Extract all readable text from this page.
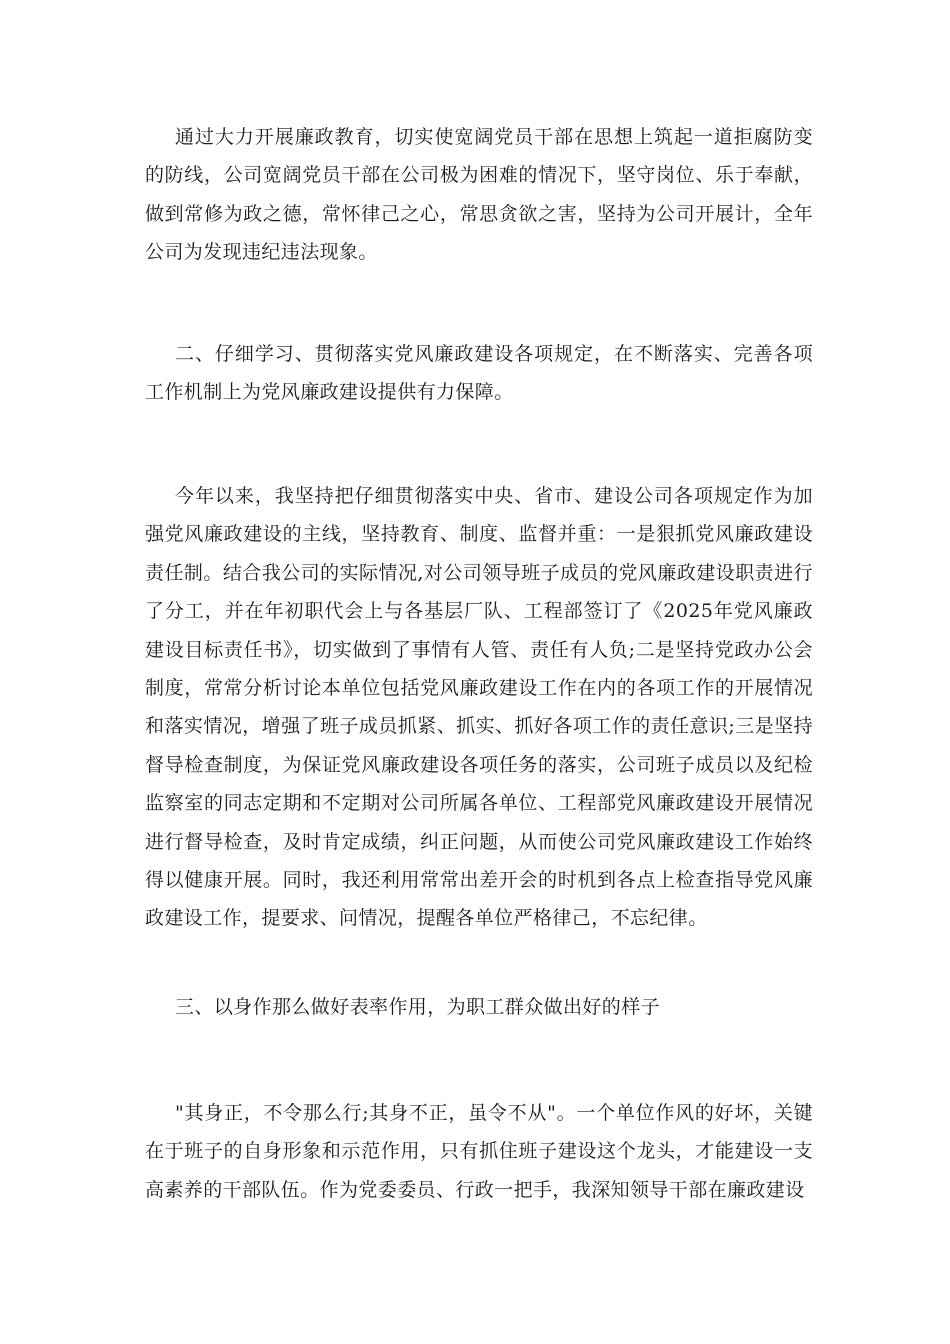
通过大力开展廉政教育，切实使宽阔党员干部在思想上筑起一道拒腐防变的防线，公司宽阔党员干部在公司极为困难的情况下，坚守岗位、乐于奉献，做到常修为政之德，常怀律己之心，常思贪欲之害，坚持为公司开展计，全年公司为发现违纪违法现象。

二、仔细学习、贯彻落实党风廉政建设各项规定，在不断落实、完善各项工作机制上为党风廉政建设提供有力保障。

今年以来，我坚持把仔细贯彻落实中央、省市、建设公司各项规定作为加强党风廉政建设的主线，坚持教育、制度、监督并重：一是狠抓党风廉政建设责任制。结合我公司的实际情况,对公司领导班子成员的党风廉政建设职责进行了分工，并在年初职代会上与各基层厂队、工程部签订了《2025年党风廉政建设目标责任书》，切实做到了事情有人管、责任有人负;二是坚持党政办公会制度，常常分析讨论本单位包括党风廉政建设工作在内的各项工作的开展情况和落实情况，增强了班子成员抓紧、抓实、抓好各项工作的责任意识;三是坚持督导检查制度，为保证党风廉政建设各项任务的落实，公司班子成员以及纪检监察室的同志定期和不定期对公司所属各单位、工程部党风廉政建设开展情况进行督导检查，及时肯定成绩，纠正问题，从而使公司党风廉政建设工作始终得以健康开展。同时，我还利用常常出差开会的时机到各点上检查指导党风廉政建设工作，提要求、问情况，提醒各单位严格律己，不忘纪律。

三、以身作那么做好表率作用，为职工群众做出好的样子

"其身正，不令那么行;其身不正，虽令不从"。一个单位作风的好坏，关键在于班子的自身形象和示范作用，只有抓住班子建设这个龙头，才能建设一支高素养的干部队伍。作为党委委员、行政一把手，我深知领导干部在廉政建设
